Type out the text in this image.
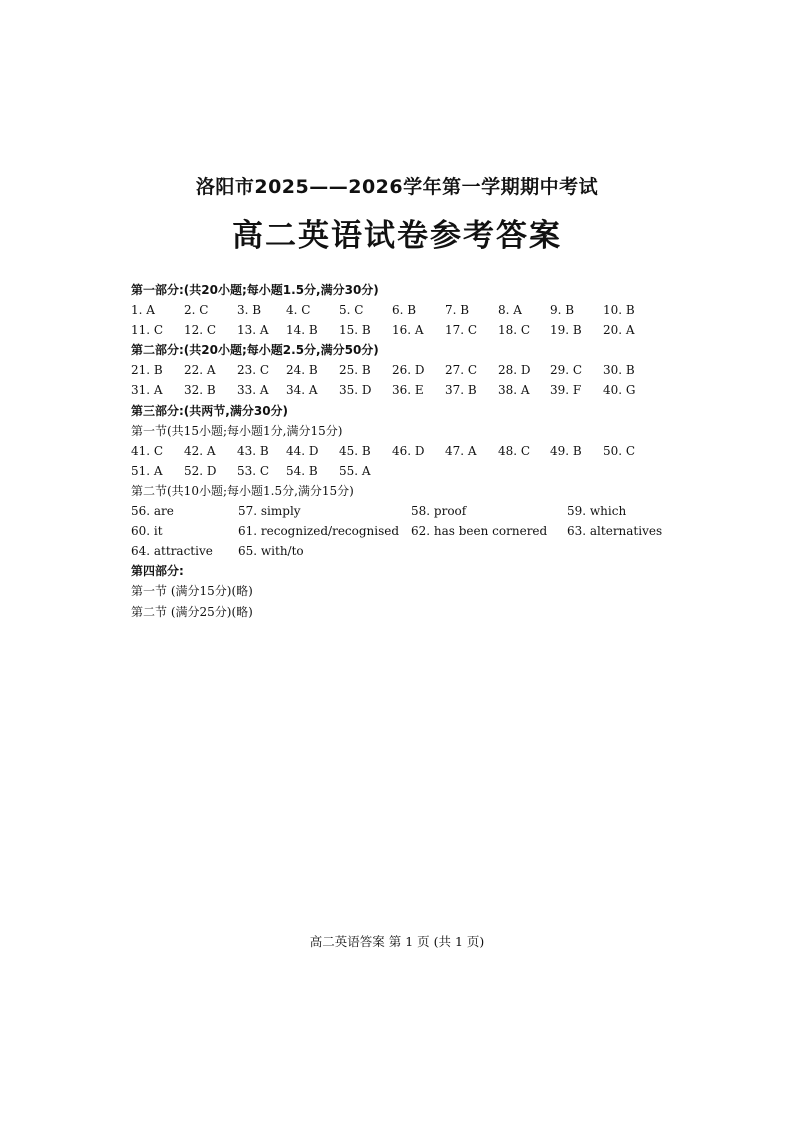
洛阳市2025——2026学年第一学期期中考试
高二英语试卷参考答案
第一部分:(共20小题;每小题1.5分,满分30分)
1. A 2. C 3. B 4. C 5. C 6. B 7. B 8. A 9. B 10. B
11. C 12. C 13. A 14. B 15. B 16. A 17. C 18. C 19. B 20. A
第二部分:(共20小题;每小题2.5分,满分50分)
21. B 22. A 23. C 24. B 25. B 26. D 27. C 28. D 29. C 30. B
31. A 32. B 33. A 34. A 35. D 36. E 37. B 38. A 39. F 40. G
第三部分:(共两节,满分30分)
第一节(共15小题;每小题1分,满分15分)
41. C 42. A 43. B 44. D 45. B 46. D 47. A 48. C 49. B 50. C
51. A 52. D 53. C 54. B 55. A
第二节(共10小题;每小题1.5分,满分15分)
56. are	57. simply	58. proof	59. which
60. it	61. recognized/recognised 62. has been cornered 63. alternatives
64. attractive 65. with/to
第四部分:
第一节 (满分15分)(略)
第二节 (满分25分)(略)
高二英语答案 第 1 页 (共 1 页)
